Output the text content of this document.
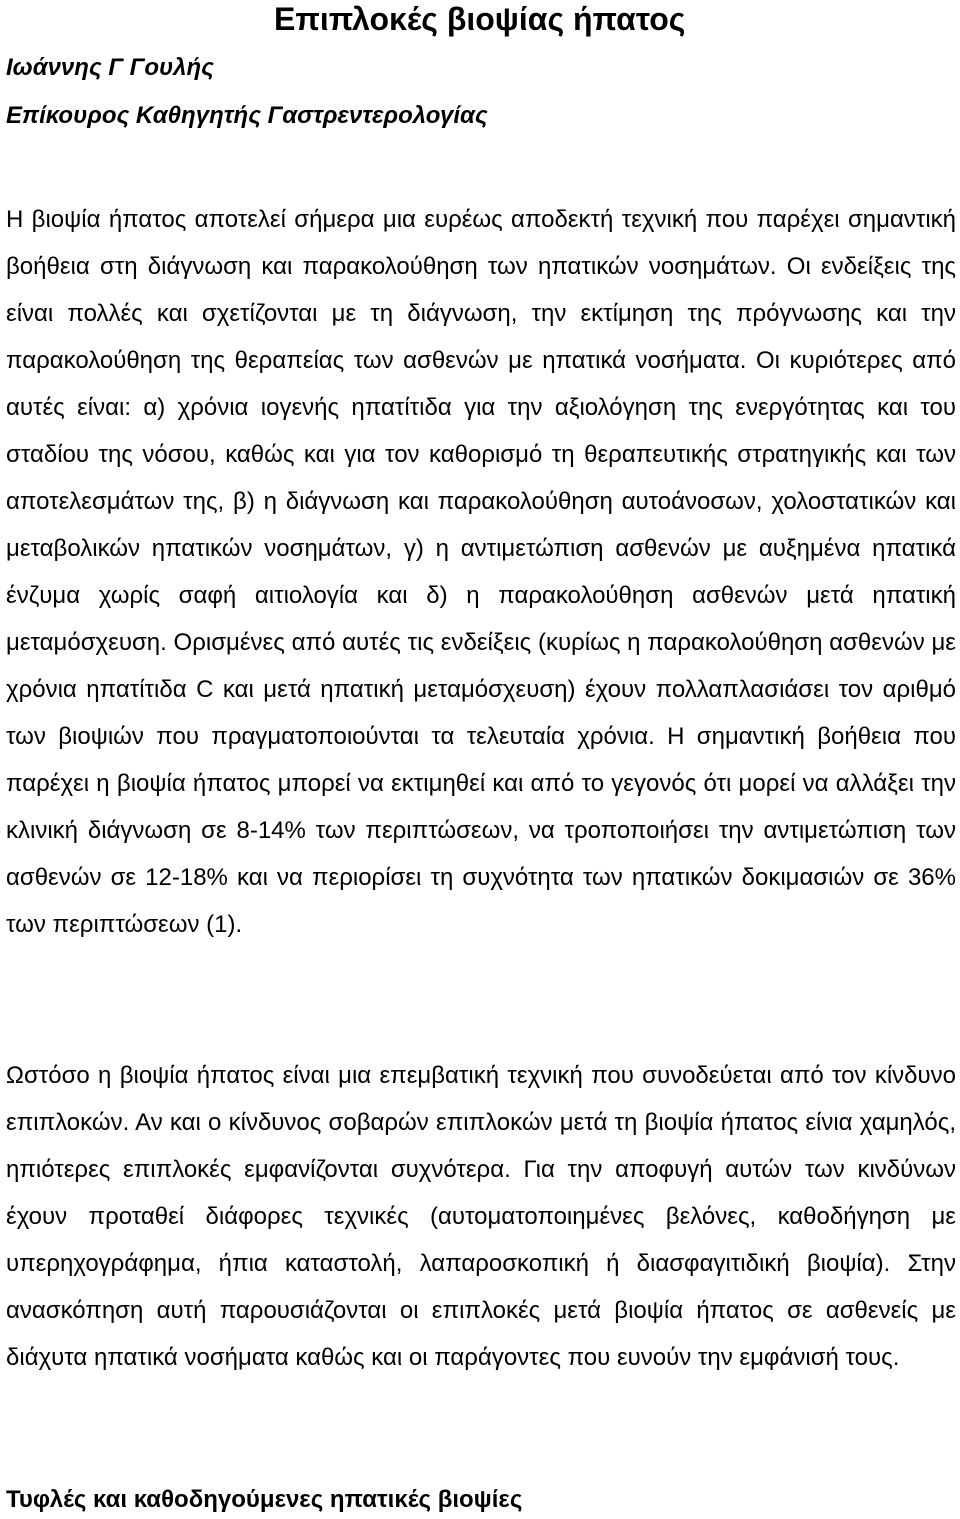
Επιπλοκές βιοψίας ήπατος
Ιωάννης Γ Γουλής
Επίκουρος Καθηγητής Γαστρεντερολογίας

Η βιοψία ήπατος αποτελεί σήμερα μια ευρέως αποδεκτή τεχνική που παρέχει σημαντική βοήθεια στη διάγνωση και παρακολούθηση των ηπατικών νοσημάτων. Οι ενδείξεις της είναι πολλές και σχετίζονται με τη διάγνωση, την εκτίμηση της πρόγνωσης και την παρακολούθηση της θεραπείας των ασθενών με ηπατικά νοσήματα. Οι κυριότερες από αυτές είναι: α) χρόνια ιογενής ηπατίτιδα για την αξιολόγηση της ενεργότητας και του σταδίου της νόσου, καθώς και για τον καθορισμό τη θεραπευτικής στρατηγικής και των αποτελεσμάτων της, β) η διάγνωση και παρακολούθηση αυτοάνοσων, χολοστατικών και μεταβολικών ηπατικών νοσημάτων, γ) η αντιμετώπιση ασθενών με αυξημένα ηπατικά ένζυμα χωρίς σαφή αιτιολογία και δ) η παρακολούθηση ασθενών μετά ηπατική μεταμόσχευση. Ορισμένες από αυτές τις ενδείξεις (κυρίως η παρακολούθηση ασθενών με χρόνια ηπατίτιδα C και μετά ηπατική μεταμόσχευση) έχουν πολλαπλασιάσει τον αριθμό των βιοψιών που πραγματοποιούνται τα τελευταία χρόνια. Η σημαντική βοήθεια που παρέχει η βιοψία ήπατος μπορεί να εκτιμηθεί και από το γεγονός ότι μορεί να αλλάξει την κλινική διάγνωση σε 8-14% των περιπτώσεων, να τροποποιήσει την αντιμετώπιση των ασθενών σε 12-18% και να περιορίσει τη συχνότητα των ηπατικών δοκιμασιών σε 36% των περιπτώσεων (1).

Ωστόσο η βιοψία ήπατος είναι μια επεμβατική τεχνική που συνοδεύεται από τον κίνδυνο επιπλοκών. Αν και ο κίνδυνος σοβαρών επιπλοκών μετά τη βιοψία ήπατος είνια χαμηλός, ηπιότερες επιπλοκές εμφανίζονται συχνότερα. Για την αποφυγή αυτών των κινδύνων έχουν προταθεί διάφορες τεχνικές (αυτοματοποιημένες βελόνες, καθοδήγηση με υπερηχογράφημα, ήπια καταστολή, λαπαροσκοπική ή διασφαγιτιδική βιοψία). Στην ανασκόπηση αυτή παρουσιάζονται οι επιπλοκές μετά βιοψία ήπατος σε ασθενείς με διάχυτα ηπατικά νοσήματα καθώς και οι παράγοντες που ευνούν την εμφάνισή τους.

Τυφλές και καθοδηγούμενες ηπατικές βιοψίες
